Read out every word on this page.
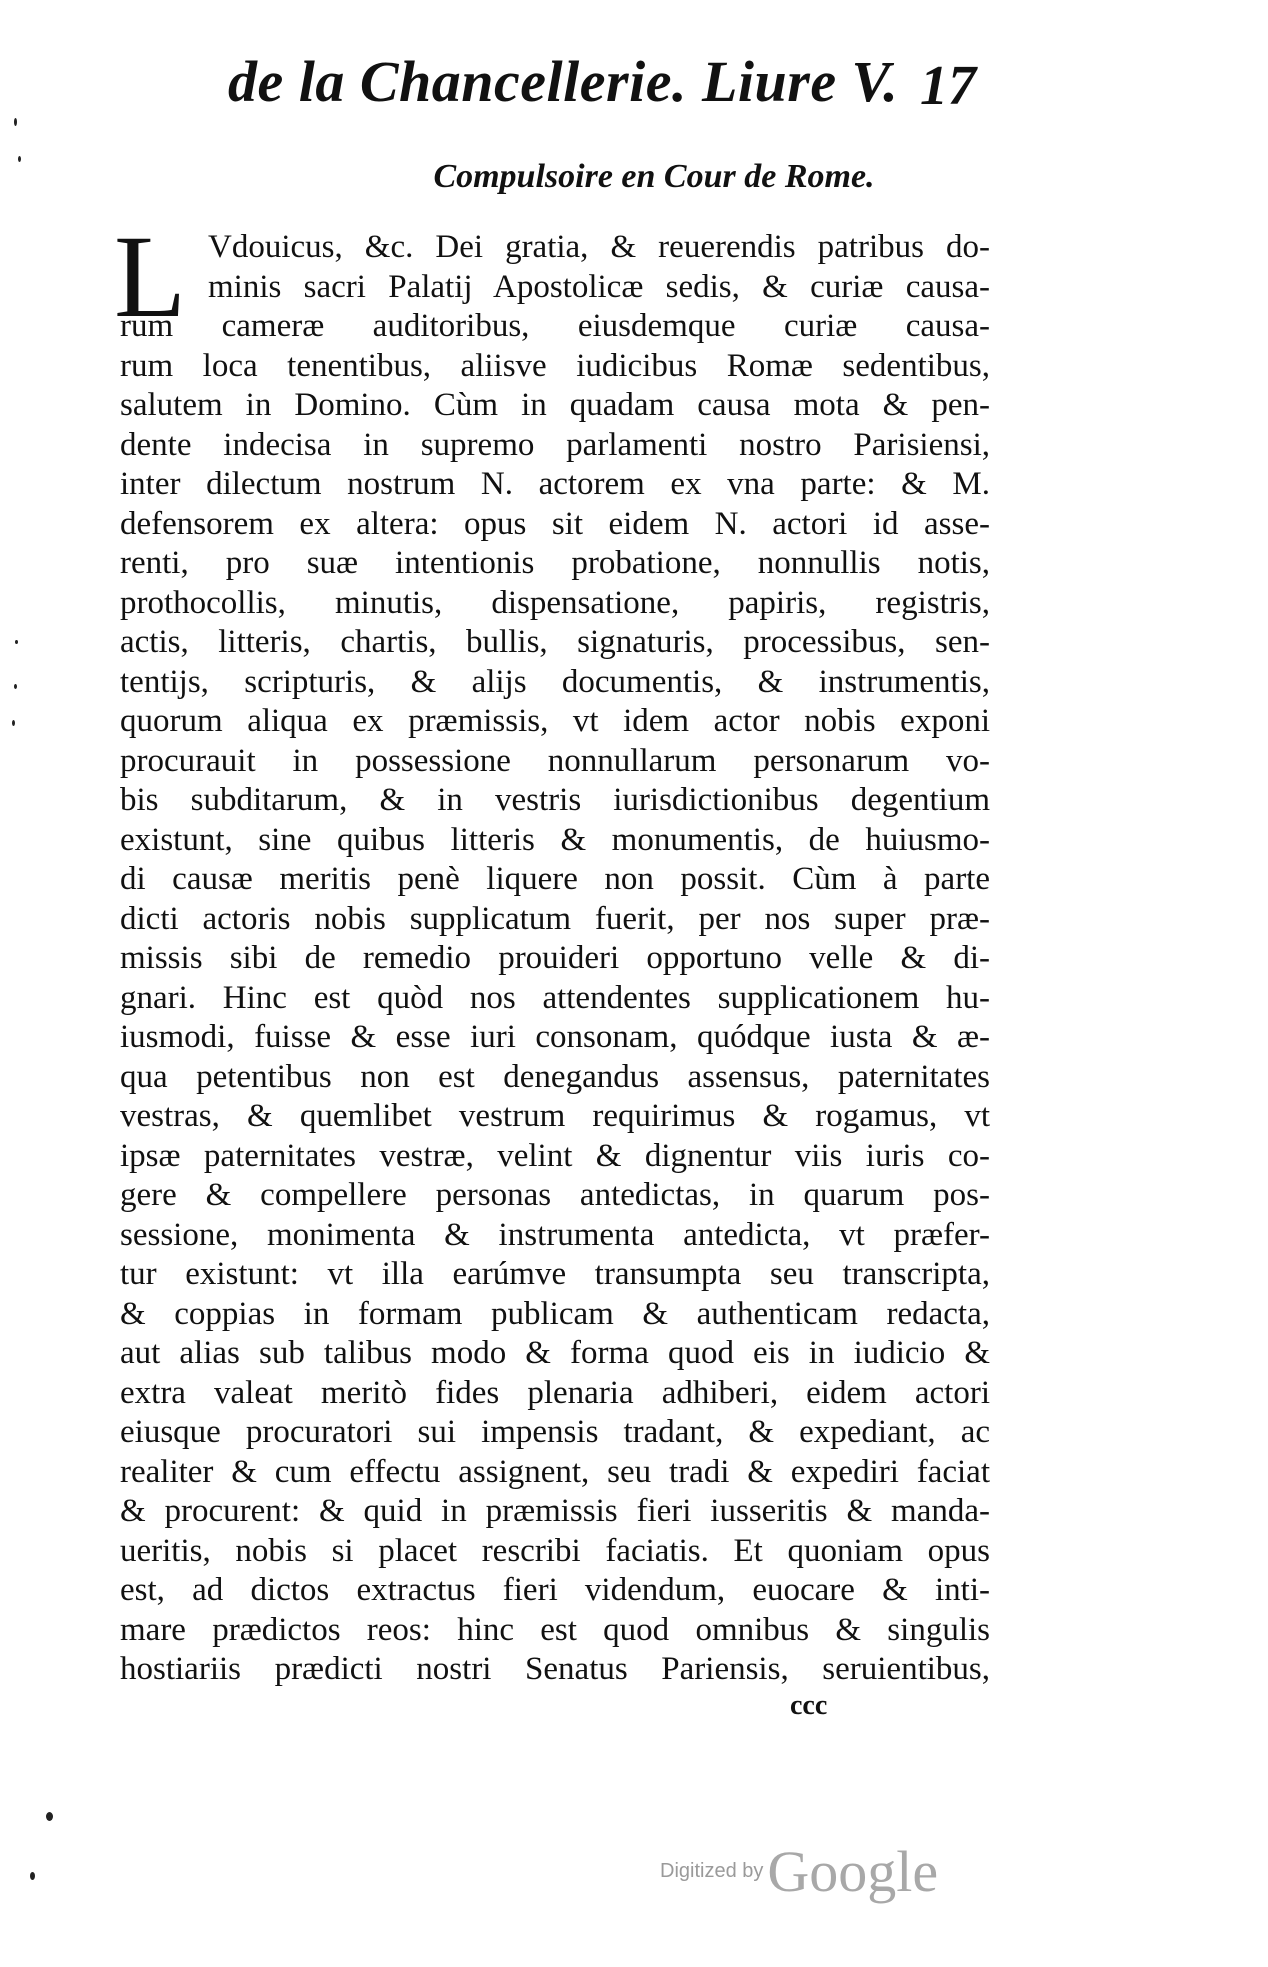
de la Chancellerie. Liure V. 17
Compulsoire en Cour de Rome.
L Vdouicus, &c. Dei gratia, & reuerendis patribus do-
minis sacri Palatij Apostolicæ sedis, & curiæ causa-
rum cameræ auditoribus, eiusdemque curiæ causa-
rum loca tenentibus, aliisve iudicibus Romæ sedentibus,
salutem in Domino. Cùm in quadam causa mota & pen-
dente indecisa in supremo parlamenti nostro Parisiensi,
inter dilectum nostrum N. actorem ex vna parte: & M.
defensorem ex altera: opus sit eidem N. actori id asse-
renti, pro suæ intentionis probatione, nonnullis notis,
prothocollis, minutis, dispensatione, papiris, registris,
actis, litteris, chartis, bullis, signaturis, processibus, sen-
tentijs, scripturis, & alijs documentis, & instrumentis,
quorum aliqua ex præmissis, vt idem actor nobis exponi
procurauit in possessione nonnullarum personarum vo-
bis subditarum, & in vestris iurisdictionibus degentium
existunt, sine quibus litteris & monumentis, de huiusmo-
di causæ meritis penè liquere non possit. Cùm à parte
dicti actoris nobis supplicatum fuerit, per nos super præ-
missis sibi de remedio prouideri opportuno velle & di-
gnari. Hinc est quòd nos attendentes supplicationem hu-
iusmodi, fuisse & esse iuri consonam, quódque iusta & æ-
qua petentibus non est denegandus assensus, paternitates
vestras, & quemlibet vestrum requirimus & rogamus, vt
ipsæ paternitates vestræ, velint & dignentur viis iuris co-
gere & compellere personas antedictas, in quarum pos-
sessione, monimenta & instrumenta antedicta, vt præfer-
tur existunt: vt illa earúmve transumpta seu transcripta,
& coppias in formam publicam & authenticam redacta,
aut alias sub talibus modo & forma quod eis in iudicio &
extra valeat meritò fides plenaria adhiberi, eidem actori
eiusque procuratori sui impensis tradant, & expediant, ac
realiter & cum effectu assignent, seu tradi & expediri faciat
& procurent: & quid in præmissis fieri iusseritis & manda-
ueritis, nobis si placet rescribi faciatis. Et quoniam opus
est, ad dictos extractus fieri videndum, euocare & inti-
mare prædictos reos: hinc est quod omnibus & singulis
hostiariis prædicti nostri Senatus Pariensis, seruientibus,
ccc
Digitized by Google
